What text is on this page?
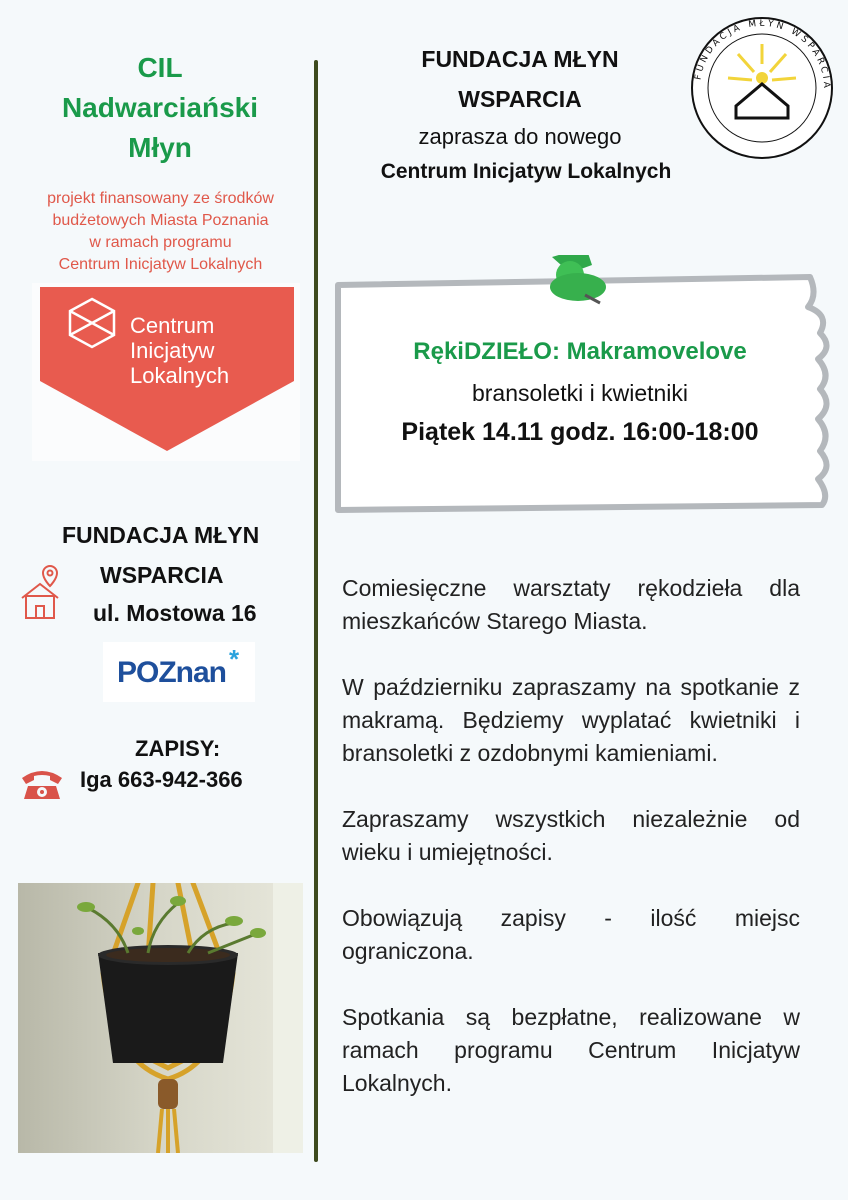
CIL
Nadwarciański
Młyn
projekt finansowany ze środków
budżetowych Miasta Poznania
w ramach programu
Centrum Inicjatyw Lokalnych
Centrum
Inicjatyw
Lokalnych
FUNDACJA MŁYN
WSPARCIA
ul. Mostowa 16
POZnan *
ZAPISY:
Iga 663-942-366
FUNDACJA MŁYN
WSPARCIA
zaprasza do nowego
Centrum Inicjatyw Lokalnych
FUNDACJA MŁYN WSPARCIA
RękiDZIEŁO: Makramovelove
bransoletki i kwietniki
Piątek 14.11 godz. 16:00-18:00

Comiesięczne warsztaty rękodzieła dla mieszkańców Starego Miasta.

W październiku zapraszamy na spotkanie z makramą. Będziemy wyplatać kwietniki i bransoletki z ozdobnymi kamieniami.

Zapraszamy wszystkich niezależnie od wieku i umiejętności.

Obowiązują zapisy - ilość miejsc ograniczona.

Spotkania są bezpłatne, realizowane w ramach programu Centrum Inicjatyw Lokalnych.
